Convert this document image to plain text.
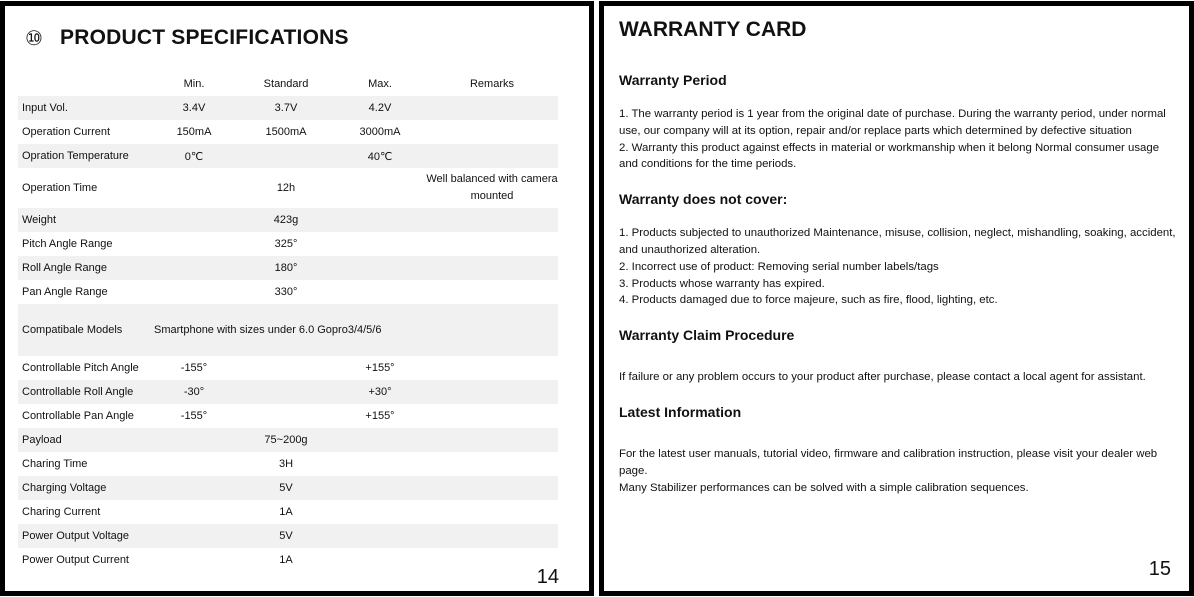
⑩ PRODUCT SPECIFICATIONS
	Min.	Standard	Max.	Remarks
Input Vol.	3.4V	3.7V	4.2V	
Operation Current	150mA	1500mA	3000mA	
Opration Temperature	0℃		40℃	
Operation Time		12h		Well balanced with camera mounted
Weight		423g		
Pitch Angle Range		325°		
Roll Angle Range		180°		
Pan Angle Range		330°		
Compatibale Models	Smartphone with sizes under 6.0 Gopro3/4/5/6			
Controllable Pitch Angle	-155°		+155°	
Controllable Roll Angle	-30°		+30°	
Controllable Pan Angle	-155°		+155°	
Payload		75~200g		
Charing Time		3H		
Charging Voltage		5V		
Charing Current		1A		
Power Output Voltage		5V		
Power Output Current		1A		
14
WARRANTY CARD
Warranty Period
1. The warranty period is 1 year from the original date of purchase. During the warranty period, under normal use, our company will at its option, repair and/or replace parts which determined by defective situation
2. Warranty this product against effects in material or workmanship when it belong Normal consumer usage and conditions for the time periods.
Warranty does not cover:
1. Products subjected to unauthorized Maintenance, misuse, collision, neglect, mishandling, soaking, accident, and unauthorized alteration.
2. Incorrect use of product: Removing serial number labels/tags
3. Products whose warranty has expired.
4. Products damaged due to force majeure, such as fire, flood, lighting, etc.
Warranty Claim Procedure
If failure or any problem occurs to your product after purchase, please contact a local agent for assistant.
Latest Information
For the latest user manuals, tutorial video, firmware and calibration instruction, please visit your dealer web page.
Many Stabilizer performances can be solved with a simple calibration sequences.
15
